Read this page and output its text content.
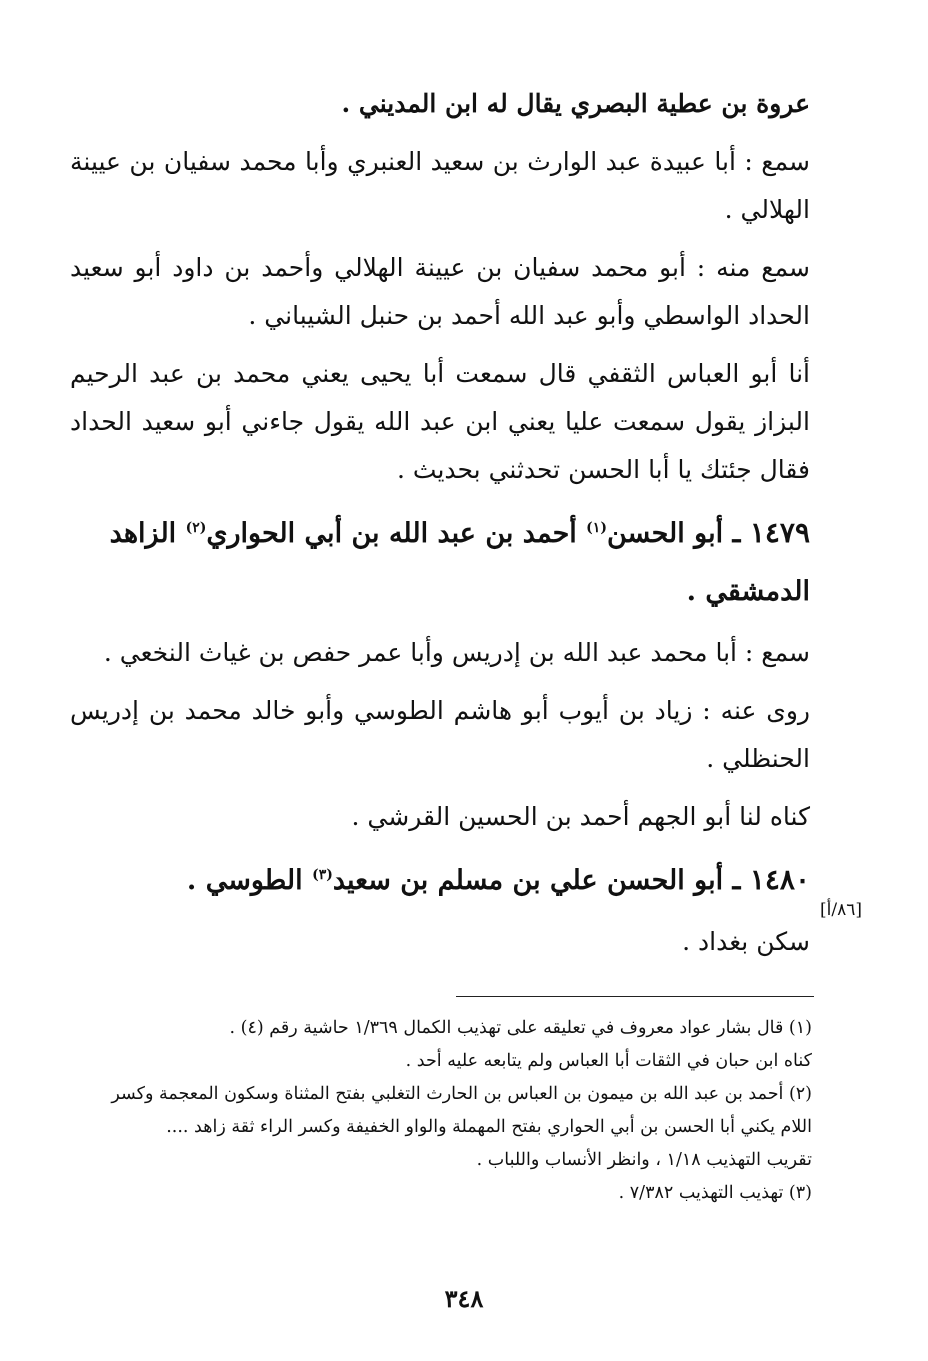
عروة بن عطية البصري يقال له ابن المديني .

سمع : أبا عبيدة عبد الوارث بن سعيد العنبري وأبا محمد سفيان بن عيينة الهلالي .

سمع منه : أبو محمد سفيان بن عيينة الهلالي وأحمد بن داود أبو سعيد الحداد الواسطي وأبو عبد الله أحمد بن حنبل الشيباني .

أنا أبو العباس الثقفي قال سمعت أبا يحيى يعني محمد بن عبد الرحيم البزاز يقول سمعت عليا يعني ابن عبد الله يقول جاءني أبو سعيد الحداد فقال جئتك يا أبا الحسن تحدثني بحديث .

١٤٧٩ ـ أبو الحسن$^{(١)}$ أحمد بن عبد الله بن أبي الحواري$^{(٢)}$ الزاهد الدمشقي .

سمع : أبا محمد عبد الله بن إدريس وأبا عمر حفص بن غياث النخعي .

روى عنه : زياد بن أيوب أبو هاشم الطوسي وأبو خالد محمد بن إدريس الحنظلي .

كناه لنا أبو الجهم أحمد بن الحسين القرشي .

١٤٨٠ ـ أبو الحسن علي بن مسلم بن سعيد$^{(٣)}$ الطوسي .

سكن بغداد .

[٨٦/أ]

(١) قال بشار عواد معروف في تعليقه على تهذيب الكمال ١/٣٦٩ حاشية رقم (٤) .

كناه ابن حبان في الثقات أبا العباس ولم يتابعه عليه أحد .

(٢) أحمد بن عبد الله بن ميمون بن العباس بن الحارث التغلبي بفتح المثناة وسكون المعجمة وكسر

اللام يكني أبا الحسن بن أبي الحواري بفتح المهملة والواو الخفيفة وكسر الراء ثقة زاهد ....

تقريب التهذيب ١/١٨ ، وانظر الأنساب واللباب .

(٣) تهذيب التهذيب ٧/٣٨٢ .

٣٤٨
